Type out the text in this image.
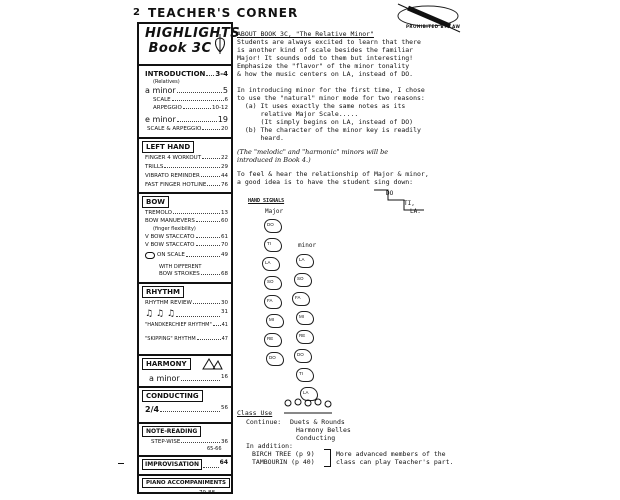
2 TEACHER'S CORNER
PROHIBITED BY LAW
HIGHLIGHTS
Book 3C
INTRODUCTION 3-4
(Relatives)
a minor	5
SCALE	6
ARPEGGIO	10-12
e minor	19
SCALE & ARPEGGIO	20
LEFT HAND
FINGER 4 WORKOUT	22
TRILLS	29
VIBRATO REMINDER	44
FAST FINGER HOTLINE	76
BOW
TREMOLO	13
BOW MANUEVERS	60
(finger flexibility)
V BOW STACCATO	61
V BOW STACCATO	70
ON SCALE	49
WITH DIFFERENT
BOW STROKES	68
RHYTHM
RHYTHM REVIEW	30
♫ ♫ ♫	31
"HANDKERCHIEF RHYTHM" 41
"SKIPPING" RHYTHM	47
HARMONY
a minor	16
CONDUCTING
2/4	56
NOTE-READING
STEP-WISE	36
65-66
IMPROVISATION	64
PIANO ACCOMPANIMENTS
79-88
ABOUT BOOK 3C, "The Relative Minor"
Students are always excited to learn that there
is another kind of scale besides the familiar
Major! It sounds odd to them but interesting!
Emphasize the "flavor" of the minor tonality
& how the music centers on LA, instead of DO.
In introducing minor for the first time, I chose
to use the "natural" minor mode for two reasons:
(a) It uses exactly the same notes as its
relative Major Scale.....
(It simply begins on LA, instead of DO)
(b) The character of the minor key is readily
heard.
(The "melodic" and "harmonic" minors will be
introduced in Book 4.)
To feel & hear the relationship of Major & minor,
a good idea is to have the student sing down:
DO
TI,
LA.
HAND SIGNALS
Major
minor
DO
TI
LA
SO
FA
MI
RE
DO
LA
SO
FA
MI
RE
DO
TI
LA
Class Use
Continue: Duets & Rounds
Harmony Belles
Conducting
In addition:
BIRCH TREE (p 9)
TAMBOURIN (p 40)
More advanced members of the
class can play Teacher's part.
